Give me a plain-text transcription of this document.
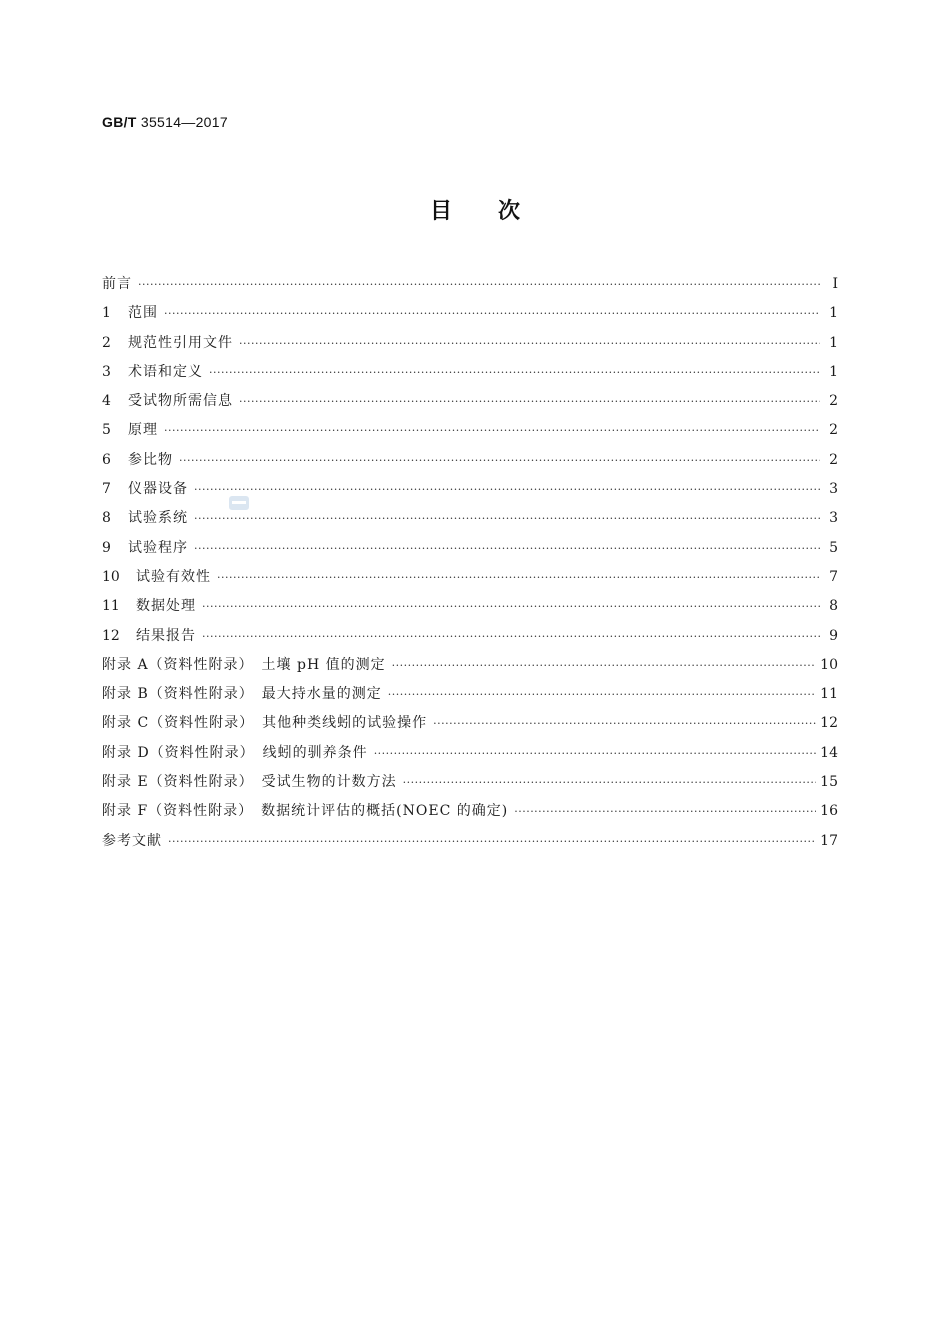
GB/T 35514—2017
目次
前言 ·····	Ⅰ
1	范围 ·····	1
2	规范性引用文件 ·····	1
3	术语和定义 ·····	1
4	受试物所需信息 ·····	2
5	原理 ·····	2
6	参比物 ·····	2
7	仪器设备 ·····	3
8	试验系统 ·····	3
9	试验程序 ·····	5
10	试验有效性 ·····	7
11	数据处理 ·····	8
12	结果报告 ·····	9
附录 A（资料性附录）　土壤 pH 值的测定 ·····	10
附录 B（资料性附录）　最大持水量的测定 ·····	11
附录 C（资料性附录）　其他种类线蚓的试验操作 ·····	12
附录 D（资料性附录）　线蚓的驯养条件 ·····	14
附录 E（资料性附录）　受试生物的计数方法 ·····	15
附录 F（资料性附录）　数据统计评估的概括(NOEC 的确定) ·····	16
参考文献 ·····	17
